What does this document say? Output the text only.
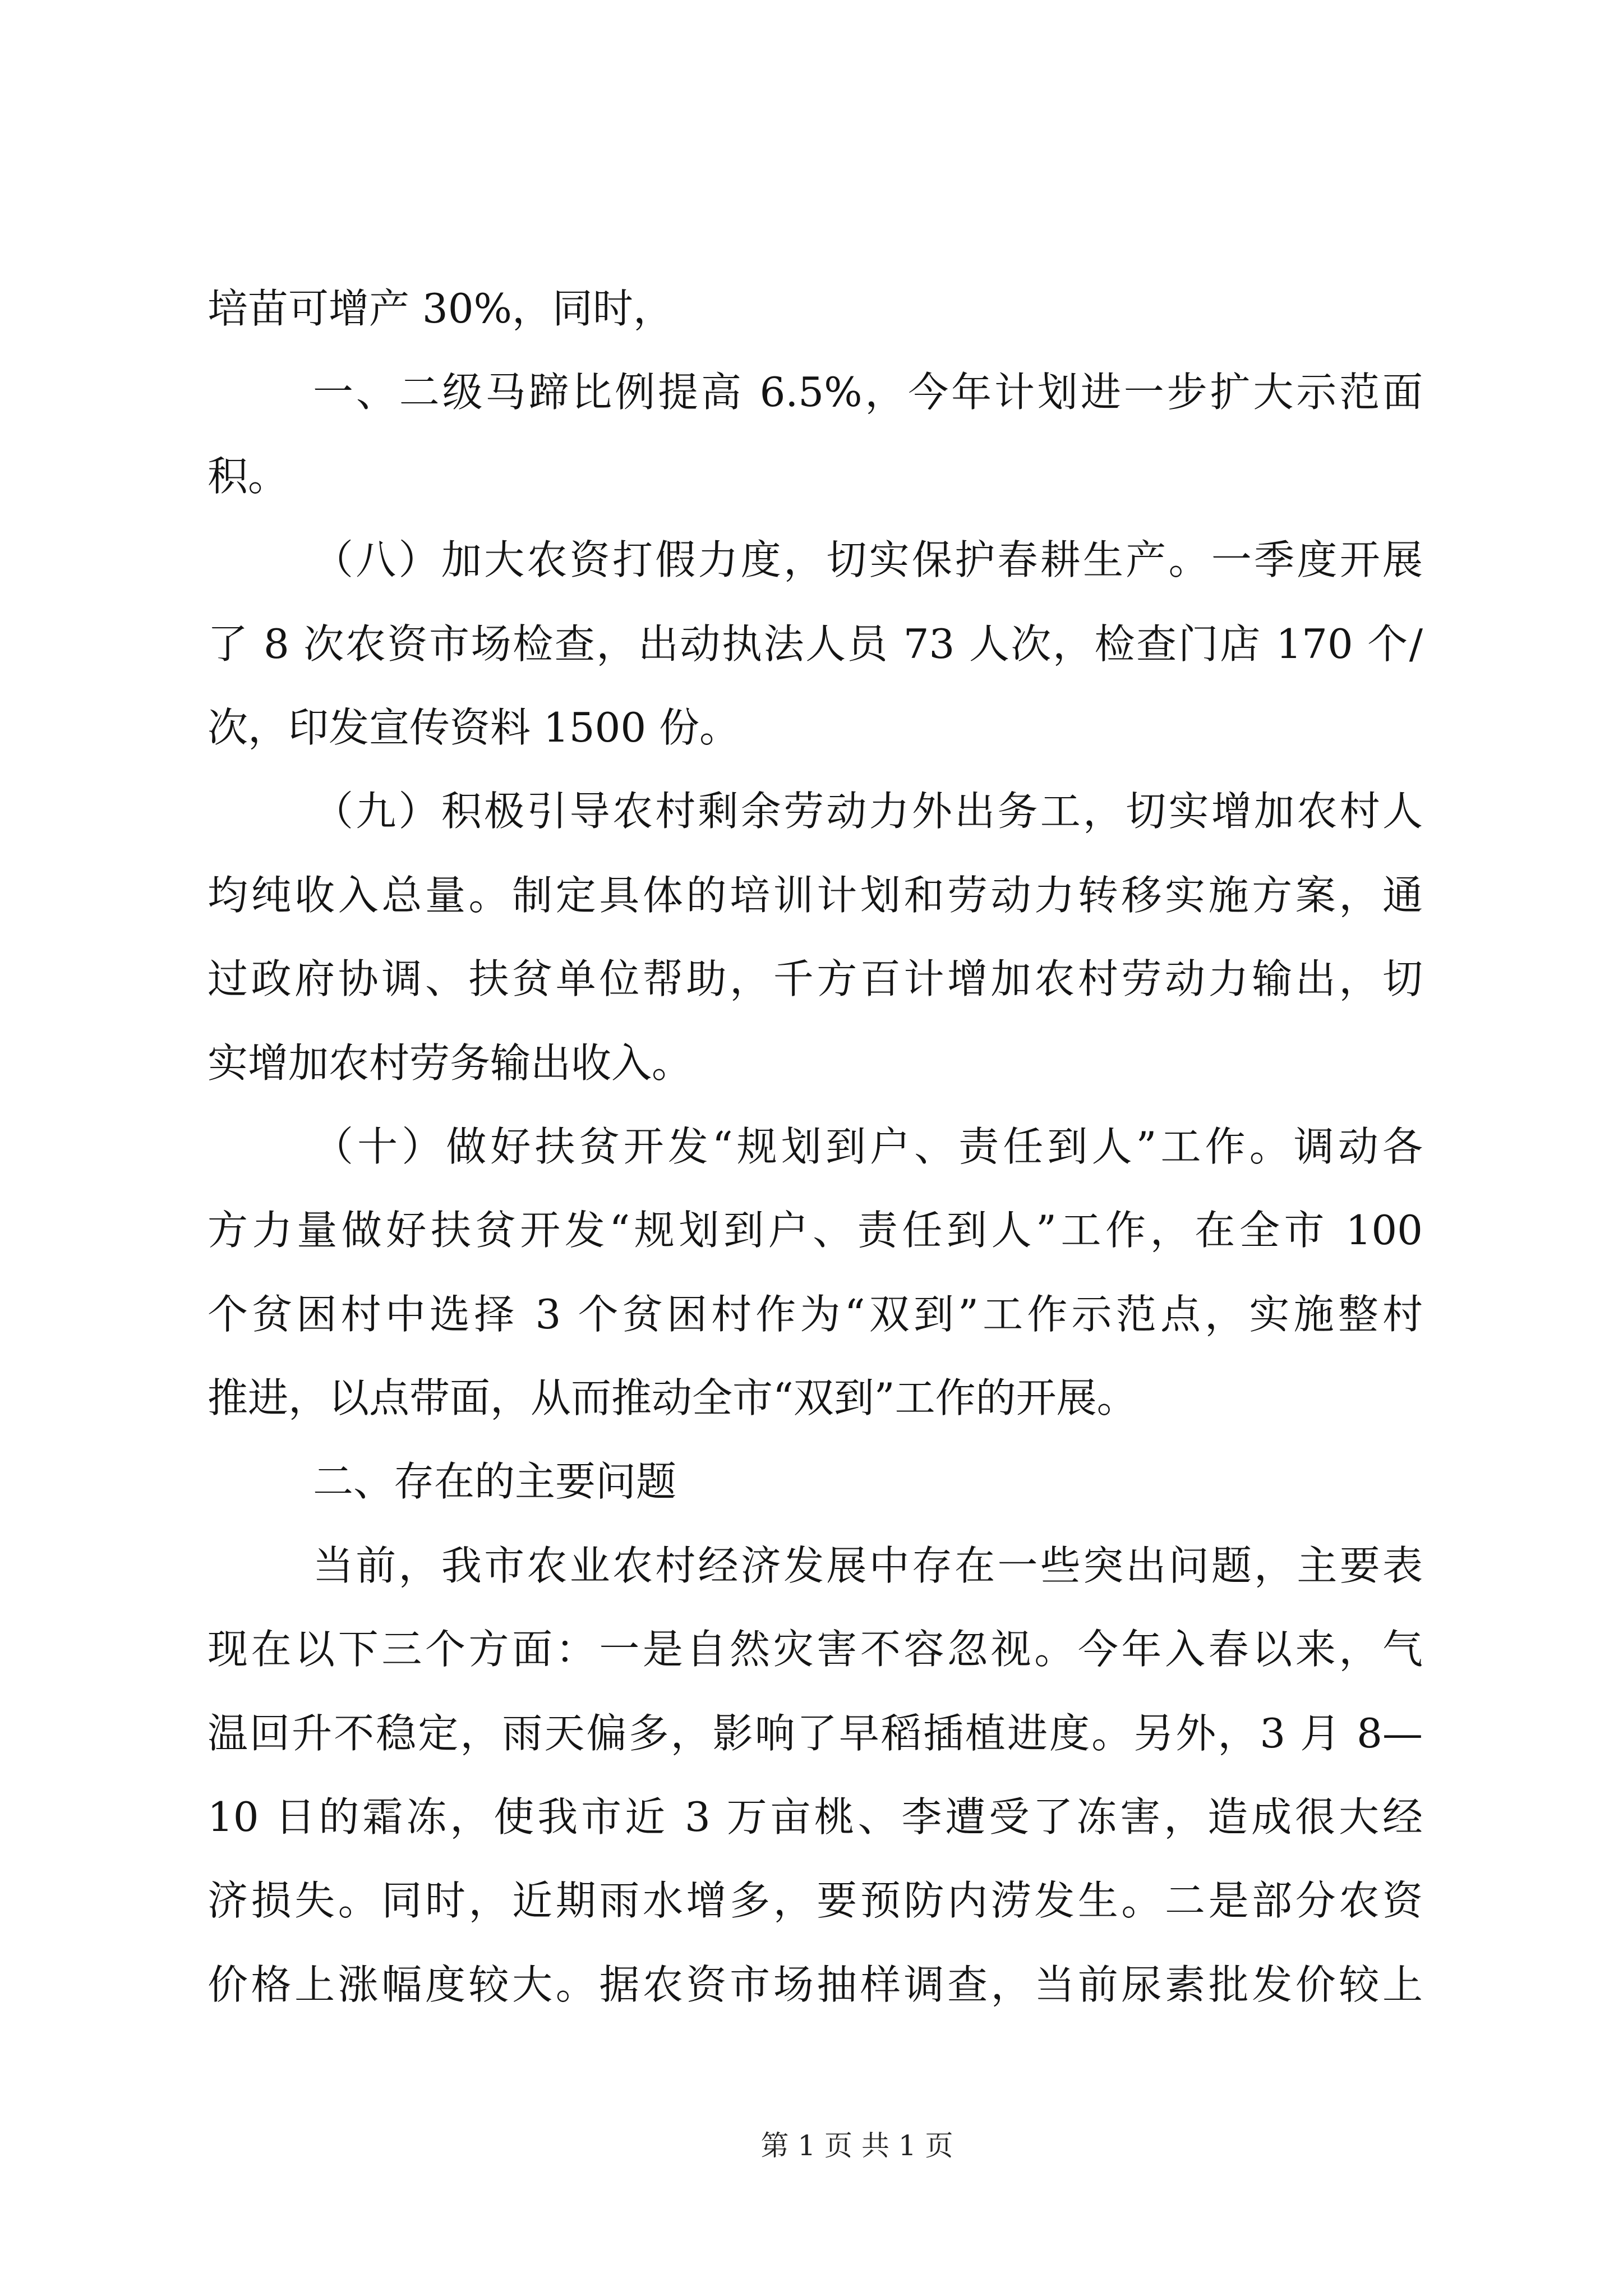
培苗可增产 30%，同时，
一、二级马蹄比例提高 6.5%，今年计划进一步扩大示范面
积。
（八）加大农资打假力度，切实保护春耕生产。一季度开展
了 8 次农资市场检查，出动执法人员 73 人次，检查门店 170 个/
次，印发宣传资料 1500 份。
（九）积极引导农村剩余劳动力外出务工，切实增加农村人
均纯收入总量。制定具体的培训计划和劳动力转移实施方案，通
过政府协调、扶贫单位帮助，千方百计增加农村劳动力输出，切
实增加农村劳务输出收入。
（十）做好扶贫开发“规划到户、责任到人”工作。调动各
方力量做好扶贫开发“规划到户、责任到人”工作，在全市 100
个贫困村中选择 3 个贫困村作为“双到”工作示范点，实施整村
推进，以点带面，从而推动全市“双到”工作的开展。
二、存在的主要问题
当前，我市农业农村经济发展中存在一些突出问题，主要表
现在以下三个方面：一是自然灾害不容忽视。今年入春以来，气
温回升不稳定，雨天偏多，影响了早稻插植进度。另外，3 月 8—
10 日的霜冻，使我市近 3 万亩桃、李遭受了冻害，造成很大经
济损失。同时，近期雨水增多，要预防内涝发生。二是部分农资
价格上涨幅度较大。据农资市场抽样调查，当前尿素批发价较上
第 1 页 共 1 页
